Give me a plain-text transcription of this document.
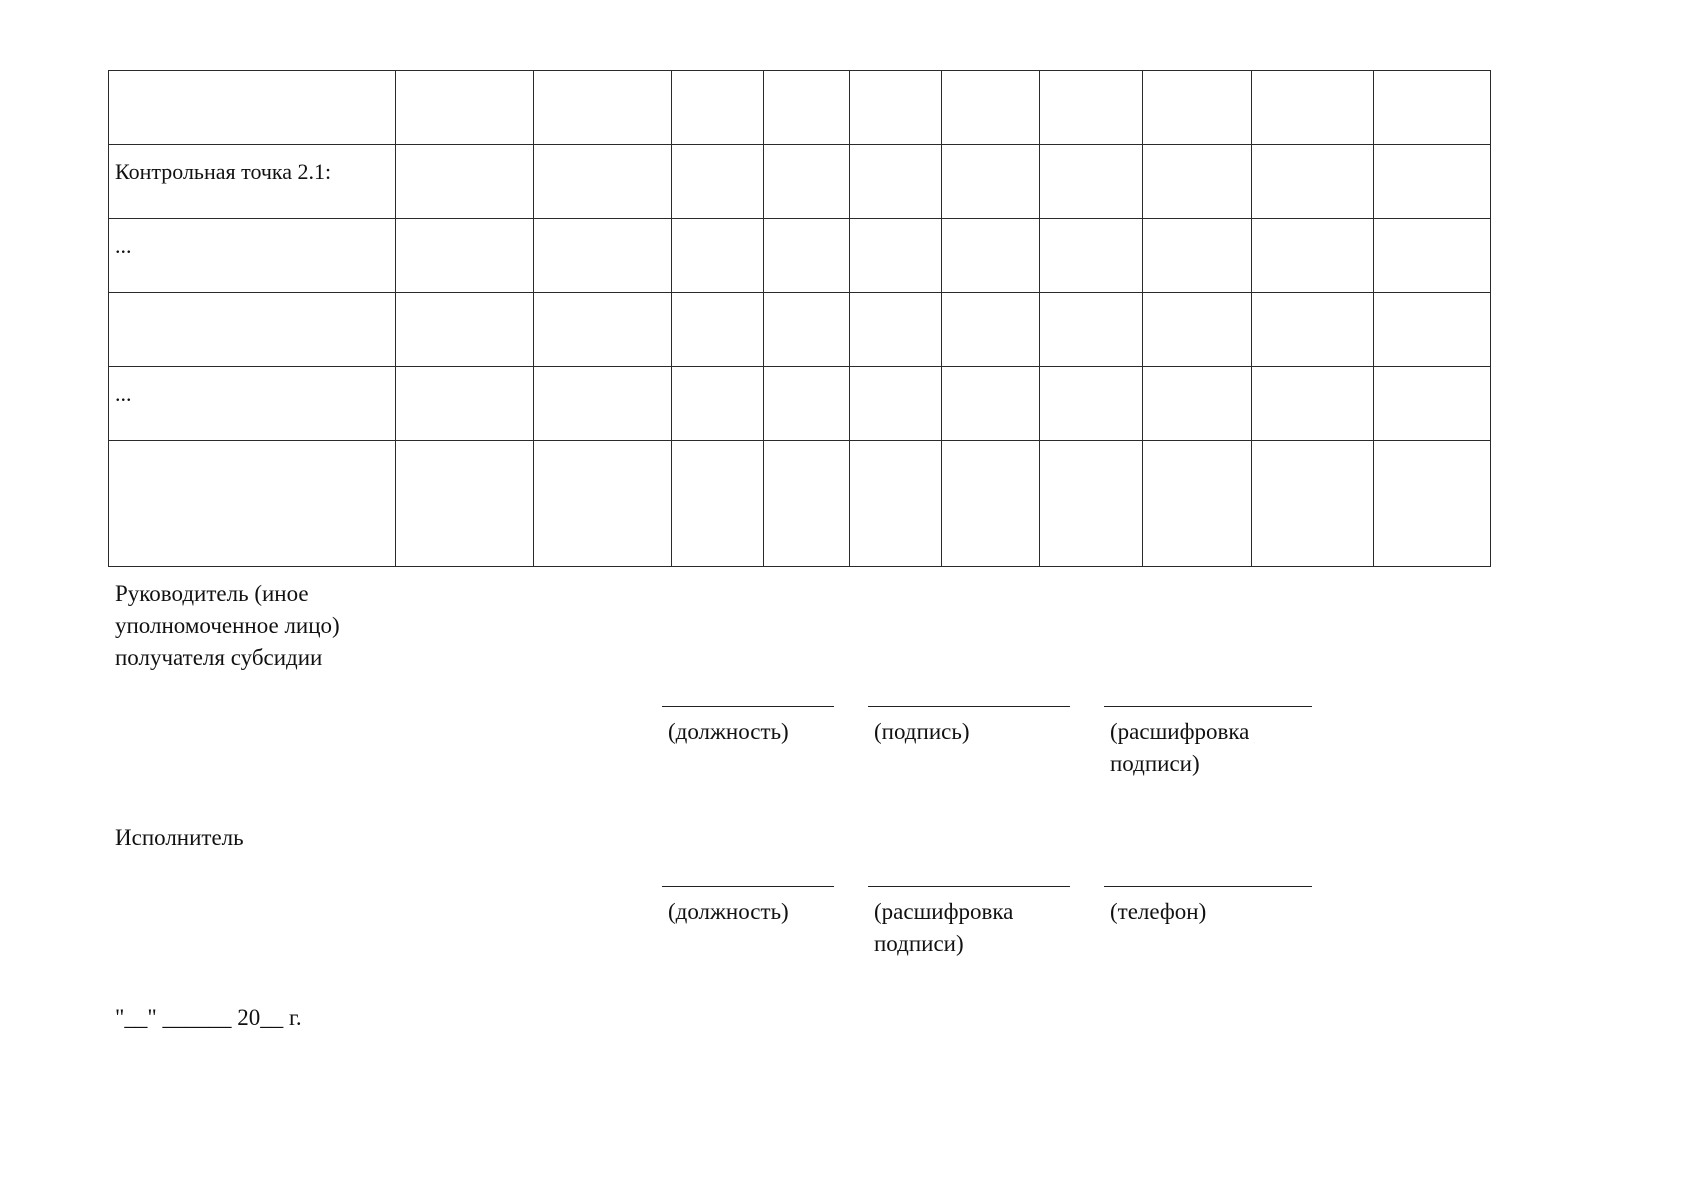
Контрольная точка 2.1:										
...										

...										

Руководитель (иное
уполномоченное лицо)
получателя субсидии
(должность)	(подпись)	(расшифровка
подписи)
Исполнитель
(должность)	(расшифровка
подписи)
(телефон)
"__" ______ 20__ г.
